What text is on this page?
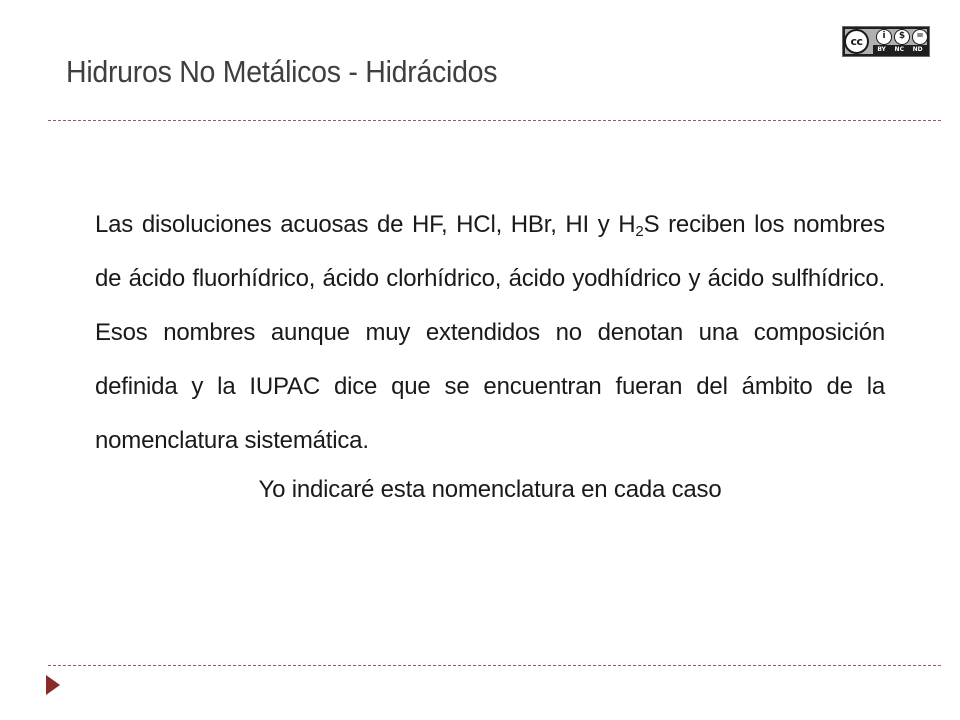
Hidruros No Metálicos - Hidrácidos
cc	i	$	=
BY NC ND
Las disoluciones acuosas de HF, HCl, HBr, HI y $H_2S$ reciben los nombres de ácido fluorhídrico, ácido clorhídrico, ácido yodhídrico y ácido sulfhídrico. Esos nombres aunque muy extendidos no denotan una composición definida y la IUPAC dice que se encuentran fueran del ámbito de la nomenclatura sistemática.
Yo indicaré esta nomenclatura en cada caso
